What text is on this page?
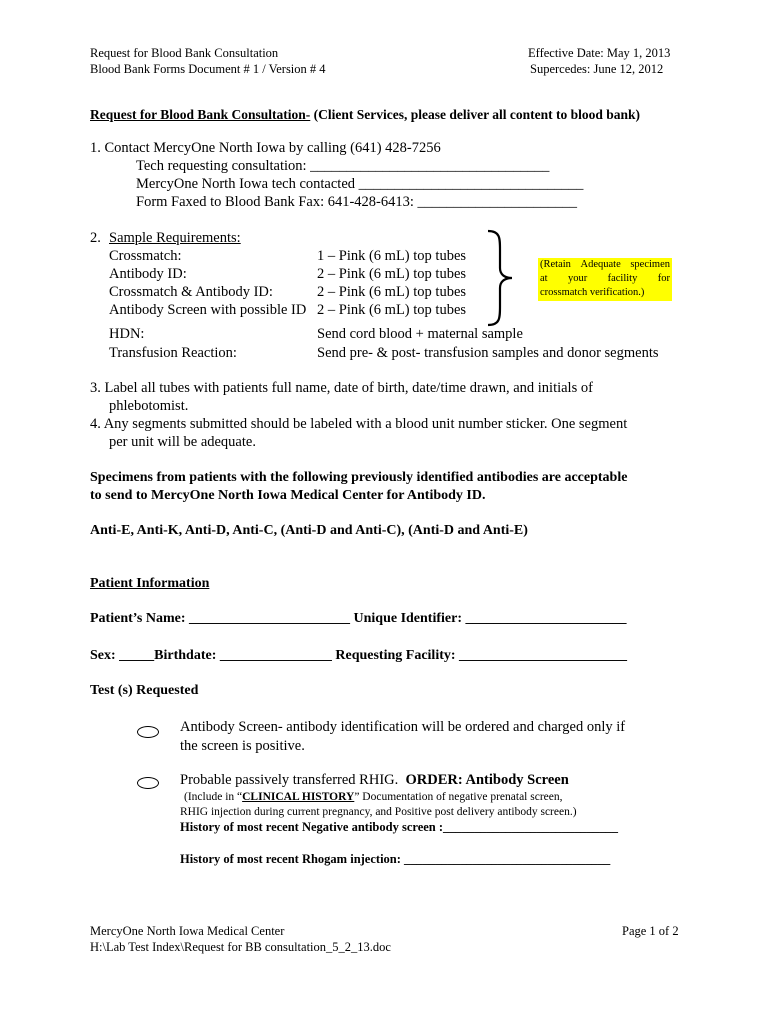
Request for Blood Bank Consultation
Blood Bank Forms Document # 1 / Version # 4
Effective Date: May 1, 2013
Supercedes: June 12, 2012
Request for Blood Bank Consultation- (Client Services, please deliver all content to blood bank)
1. Contact MercyOne North Iowa by calling (641) 428-7256
Tech requesting consultation: _________________________________
MercyOne North Iowa tech contacted _______________________________
Form Faxed to Blood Bank Fax: 641-428-6413: ______________________
2. Sample Requirements:
Crossmatch:	1 – Pink (6 mL) top tubes
Antibody ID:	2 – Pink (6 mL) top tubes
Crossmatch & Antibody ID:	2 – Pink (6 mL) top tubes
Antibody Screen with possible ID 2 – Pink (6 mL) top tubes
(Retain Adequate specimen
at your facility for
crossmatch verification.)
HDN:	Send cord blood + maternal sample
Transfusion Reaction:	Send pre- & post- transfusion samples and donor segments
3. Label all tubes with patients full name, date of birth, date/time drawn, and initials of
phlebotomist.
4. Any segments submitted should be labeled with a blood unit number sticker. One segment
per unit will be adequate.
Specimens from patients with the following previously identified antibodies are acceptable
to send to MercyOne North Iowa Medical Center for Antibody ID.
Anti-E, Anti-K, Anti-D, Anti-C, (Anti-D and Anti-C), (Anti-D and Anti-E)
Patient Information
Patient’s Name: _______________________ Unique Identifier: _______________________
Sex: _____Birthdate: ________________ Requesting Facility: ________________________
Test (s) Requested
Antibody Screen- antibody identification will be ordered and charged only if
the screen is positive.
Probable passively transferred RHIG. ORDER: Antibody Screen
(Include in “CLINICAL HISTORY” Documentation of negative prenatal screen,
RHIG injection during current pregnancy, and Positive post delivery antibody screen.)
History of most recent Negative antibody screen :____________________________
History of most recent Rhogam injection: _________________________________
MercyOne North Iowa Medical Center
H:\Lab Test Index\Request for BB consultation_5_2_13.doc
Page 1 of 2
